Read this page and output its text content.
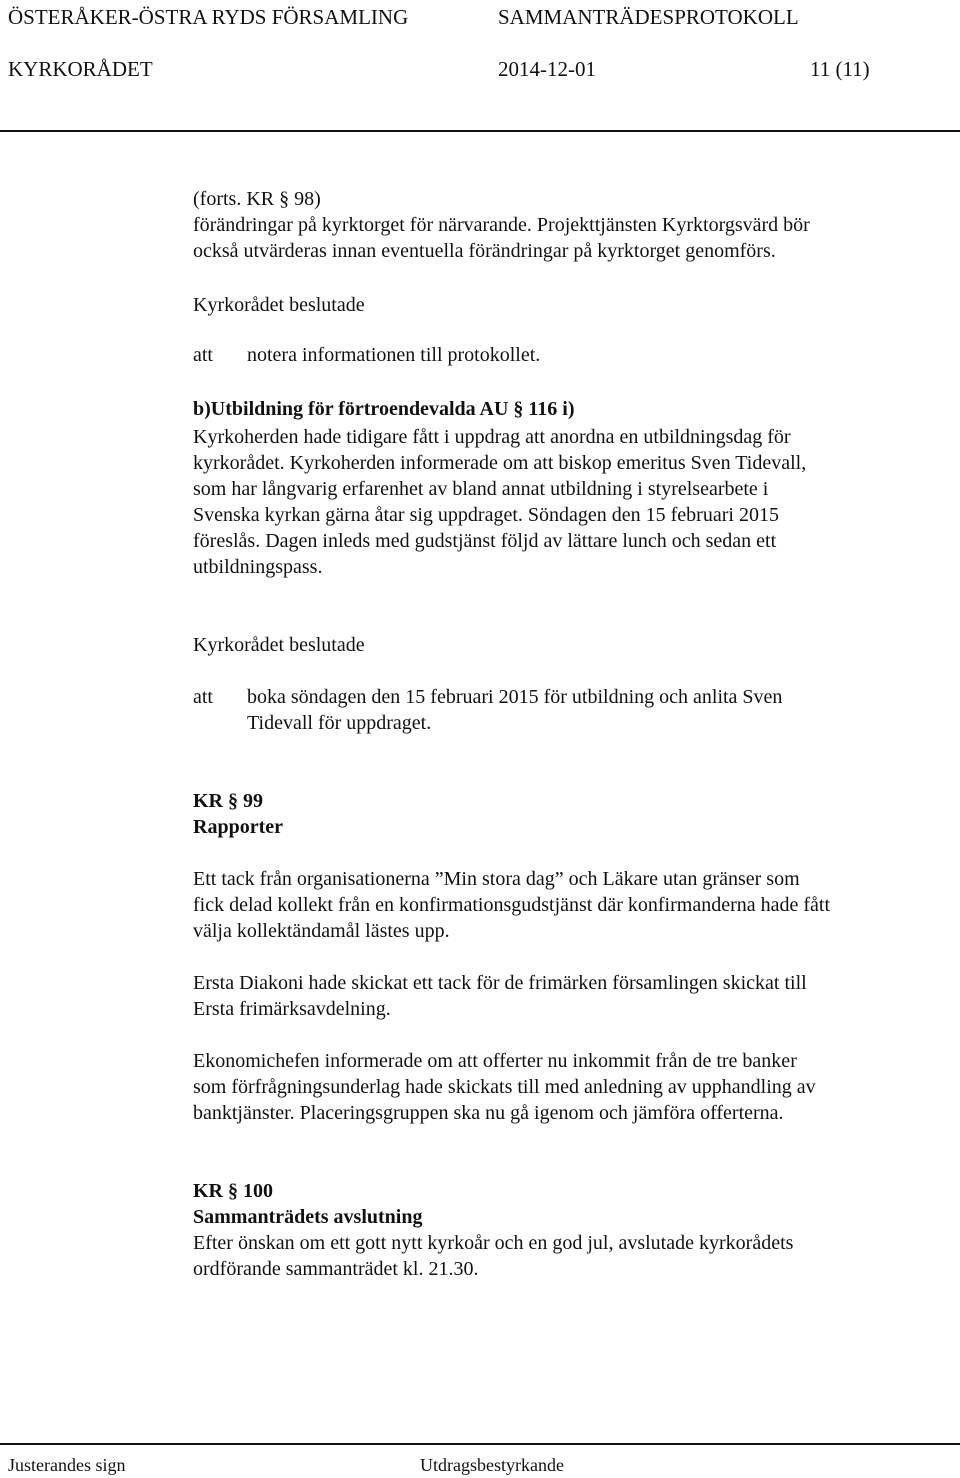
ÖSTERÅKER-ÖSTRA RYDS FÖRSAMLING	SAMMANTRÄDESPROTOKOLL
KYRKORÅDET	2014-12-01	11 (11)
(forts. KR § 98)
förändringar på kyrktorget för närvarande. Projekttjänsten Kyrktorgsvärd bör
också utvärderas innan eventuella förändringar på kyrktorget genomförs.
Kyrkorådet beslutade
att notera informationen till protokollet.
b)Utbildning för förtroendevalda AU § 116 i)
Kyrkoherden hade tidigare fått i uppdrag att anordna en utbildningsdag för
kyrkorådet. Kyrkoherden informerade om att biskop emeritus Sven Tidevall,
som har långvarig erfarenhet av bland annat utbildning i styrelsearbete i
Svenska kyrkan gärna åtar sig uppdraget. Söndagen den 15 februari 2015
föreslås. Dagen inleds med gudstjänst följd av lättare lunch och sedan ett
utbildningspass.
Kyrkorådet beslutade
att boka söndagen den 15 februari 2015 för utbildning och anlita Sven
Tidevall för uppdraget.
KR § 99
Rapporter
Ett tack från organisationerna ”Min stora dag” och Läkare utan gränser som
fick delad kollekt från en konfirmationsgudstjänst där konfirmanderna hade fått
välja kollektändamål lästes upp.
Ersta Diakoni hade skickat ett tack för de frimärken församlingen skickat till
Ersta frimärksavdelning.
Ekonomichefen informerade om att offerter nu inkommit från de tre banker
som förfrågningsunderlag hade skickats till med anledning av upphandling av
banktjänster. Placeringsgruppen ska nu gå igenom och jämföra offerterna.
KR § 100
Sammanträdets avslutning
Efter önskan om ett gott nytt kyrkoår och en god jul, avslutade kyrkorådets
ordförande sammanträdet kl. 21.30.
Justerandes sign	Utdragsbestyrkande
